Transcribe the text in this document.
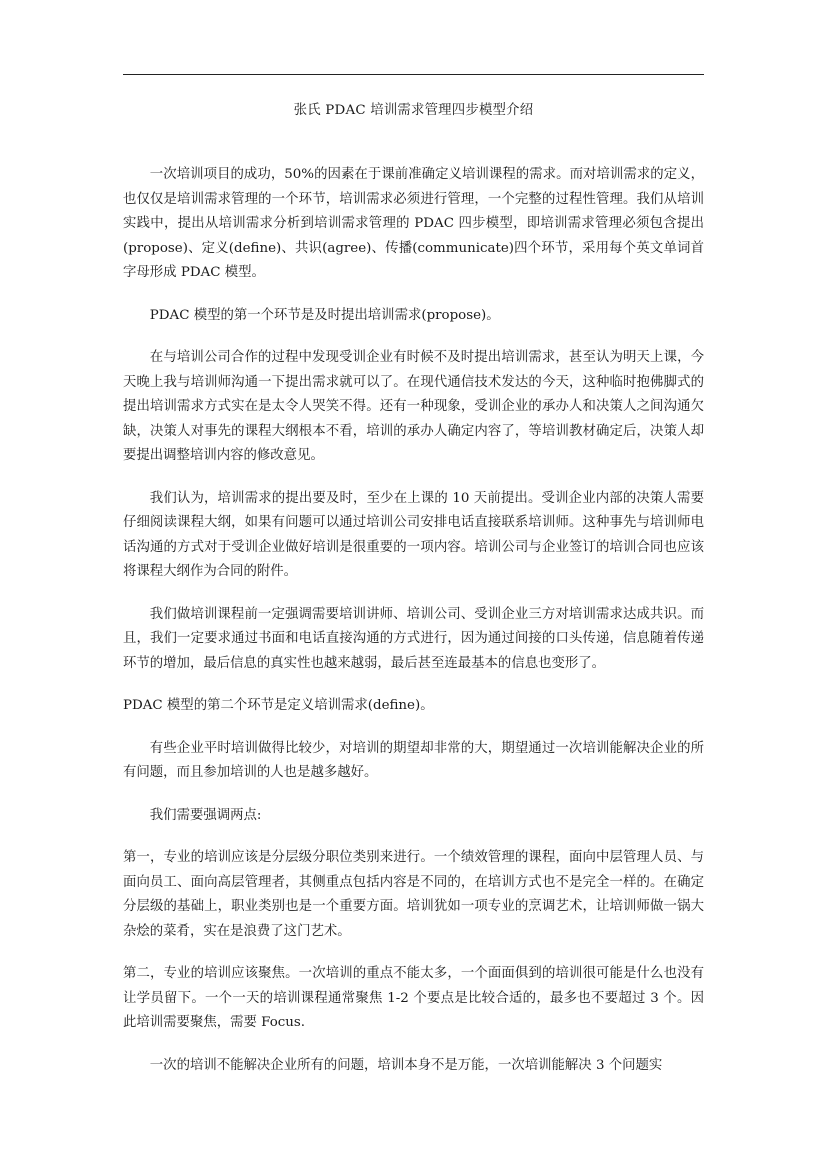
张氏 PDAC 培训需求管理四步模型介绍

一次培训项目的成功，50%的因素在于课前准确定义培训课程的需求。而对培训需求的定义，也仅仅是培训需求管理的一个环节，培训需求必须进行管理，一个完整的过程性管理。我们从培训实践中，提出从培训需求分析到培训需求管理的 PDAC 四步模型，即培训需求管理必须包含提出(propose)、定义(define)、共识(agree)、传播(communicate)四个环节，采用每个英文单词首字母形成 PDAC 模型。

PDAC 模型的第一个环节是及时提出培训需求(propose)。

在与培训公司合作的过程中发现受训企业有时候不及时提出培训需求，甚至认为明天上课，今天晚上我与培训师沟通一下提出需求就可以了。在现代通信技术发达的今天，这种临时抱佛脚式的提出培训需求方式实在是太令人哭笑不得。还有一种现象，受训企业的承办人和决策人之间沟通欠缺，决策人对事先的课程大纲根本不看，培训的承办人确定内容了，等培训教材确定后，决策人却要提出调整培训内容的修改意见。

我们认为，培训需求的提出要及时，至少在上课的 10 天前提出。受训企业内部的决策人需要仔细阅读课程大纲，如果有问题可以通过培训公司安排电话直接联系培训师。这种事先与培训师电话沟通的方式对于受训企业做好培训是很重要的一项内容。培训公司与企业签订的培训合同也应该将课程大纲作为合同的附件。

我们做培训课程前一定强调需要培训讲师、培训公司、受训企业三方对培训需求达成共识。而且，我们一定要求通过书面和电话直接沟通的方式进行，因为通过间接的口头传递，信息随着传递环节的增加，最后信息的真实性也越来越弱，最后甚至连最基本的信息也变形了。

PDAC 模型的第二个环节是定义培训需求(define)。

有些企业平时培训做得比较少，对培训的期望却非常的大，期望通过一次培训能解决企业的所有问题，而且参加培训的人也是越多越好。

我们需要强调两点:

第一，专业的培训应该是分层级分职位类别来进行。一个绩效管理的课程，面向中层管理人员、与面向员工、面向高层管理者，其侧重点包括内容是不同的，在培训方式也不是完全一样的。在确定分层级的基础上，职业类别也是一个重要方面。培训犹如一项专业的烹调艺术，让培训师做一锅大杂烩的菜肴，实在是浪费了这门艺术。

第二，专业的培训应该聚焦。一次培训的重点不能太多，一个面面俱到的培训很可能是什么也没有让学员留下。一个一天的培训课程通常聚焦 1-2 个要点是比较合适的，最多也不要超过 3 个。因此培训需要聚焦，需要 Focus.

一次的培训不能解决企业所有的问题，培训本身不是万能，一次培训能解决 3 个问题实
